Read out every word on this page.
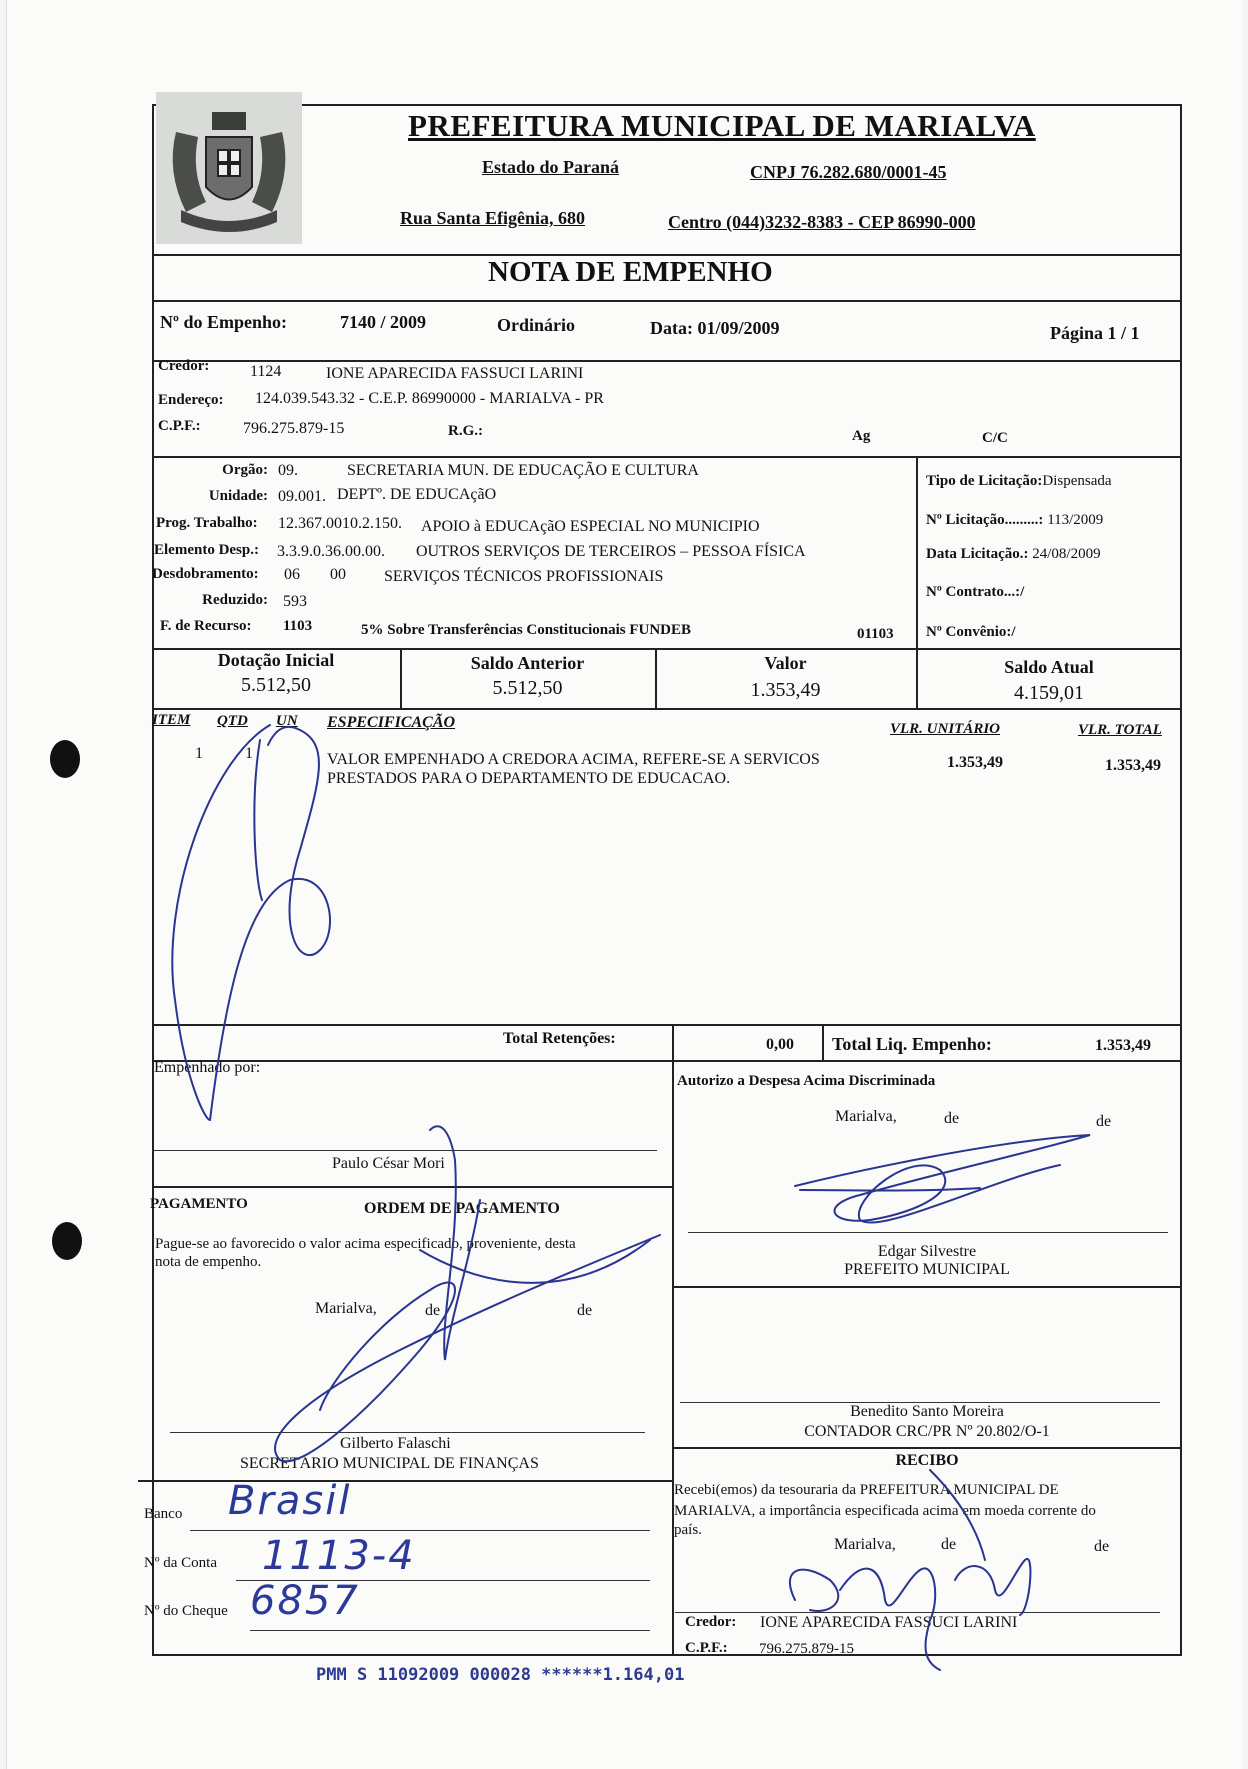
PREFEITURA MUNICIPAL DE MARIALVA
Estado do Paraná	CNPJ 76.282.680/0001-45
Rua Santa Efigênia, 680	Centro (044)3232-8383 - CEP 86990-000
NOTA DE EMPENHO
Nº do Empenho:	7140 / 2009	Ordinário	Data: 01/09/2009	Página 1 / 1
Credor:	1124	IONE APARECIDA FASSUCI LARINI
Endereço: 124.039.543.32 - C.E.P. 86990000 - MARIALVA - PR
C.P.F.:	796.275.879-15	R.G.:	Ag	C/C
Orgão: 09.	SECRETARIA MUN. DE EDUCAÇÃO E CULTURA
Unidade: 09.001. DEPTº. DE EDUCAçãO
Prog. Trabalho: 12.367.0010.2.150. APOIO à EDUCAçãO ESPECIAL NO MUNICIPIO
Elemento Desp.: 3.3.9.0.36.00.00. OUTROS SERVIÇOS DE TERCEIROS – PESSOA FÍSICA
Desdobramento: 06 00 SERVIÇOS TÉCNICOS PROFISSIONAIS
Reduzido: 593
F. de Recurso: 1103	5% Sobre Transferências Constitucionais FUNDEB	01103
Tipo de Licitação:Dispensada
Nº Licitação.........: 113/2009
Data Licitação.: 24/08/2009
Nº Contrato...:/
Nº Convênio:/
Dotação Inicial
5.512,50
Saldo Anterior
5.512,50
Valor
1.353,49
Saldo Atual
4.159,01
ITEM QTD UN ESPECIFICAÇÃO	VLR. UNITÁRIO	VLR. TOTAL
1	1	VALOR EMPENHADO A CREDORA ACIMA, REFERE-SE A SERVICOS
PRESTADOS PARA O DEPARTAMENTO DE EDUCACAO.
1.353,49	1.353,49
Total Retenções:	0,00 Total Liq. Empenho:	1.353,49
Empenhado por:
Paulo César Mori
Autorizo a Despesa Acima Discriminada
Marialva,	de	de
Edgar Silvestre
PREFEITO MUNICIPAL
PAGAMENTO	ORDEM DE PAGAMENTO
Pague-se ao favorecido o valor acima especificado, proveniente, desta
nota de empenho.
Marialva,	de	de
Gilberto Falaschi
SECRETÁRIO MUNICIPAL DE FINANÇAS
Benedito Santo Moreira
CONTADOR CRC/PR Nº 20.802/O-1
Banco Brasil
Nº da Conta 1113-4
Nº do Cheque 6857
RECIBO
Recebi(emos) da tesouraria da PREFEITURA MUNICIPAL DE
MARIALVA, a importância especificada acima em moeda corrente do
país.
Marialva,	de	de
Credor: IONE APARECIDA FASSUCI LARINI
C.P.F.: 796.275.879-15
PMM S 11092009 000028 ******1.164,01
